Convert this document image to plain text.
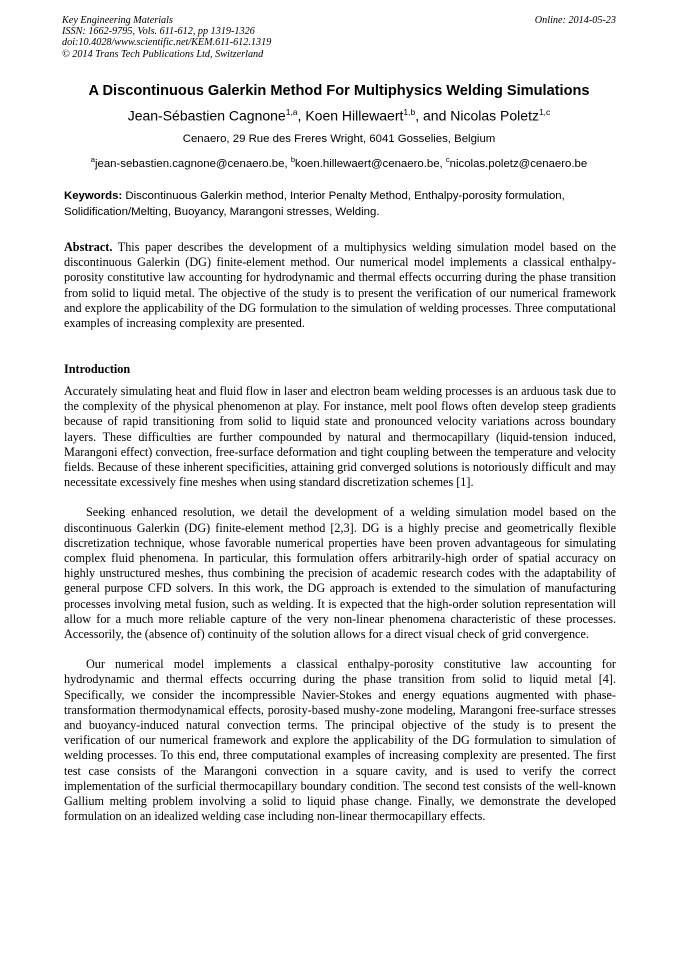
Key Engineering Materials
ISSN: 1662-9795, Vols. 611-612, pp 1319-1326
doi:10.4028/www.scientific.net/KEM.611-612.1319
© 2014 Trans Tech Publications Ltd, Switzerland
Online: 2014-05-23
A Discontinuous Galerkin Method For Multiphysics Welding Simulations
Jean-Sébastien Cagnone$^{1,a}$, Koen Hillewaert$^{1,b}$, and Nicolas Poletz$^{1,c}$
Cenaero, 29 Rue des Freres Wright, 6041 Gosselies, Belgium
$^a$jean-sebastien.cagnone@cenaero.be, $^b$koen.hillewaert@cenaero.be, $^c$nicolas.poletz@cenaero.be
Keywords: Discontinuous Galerkin method, Interior Penalty Method, Enthalpy-porosity formulation, Solidification/Melting, Buoyancy, Marangoni stresses, Welding.
Abstract. This paper describes the development of a multiphysics welding simulation model based on the discontinuous Galerkin (DG) finite-element method. Our numerical model implements a classical enthalpy-porosity constitutive law accounting for hydrodynamic and thermal effects occurring during the phase transition from solid to liquid metal. The objective of the study is to present the verification of our numerical framework and explore the applicability of the DG formulation to the simulation of welding processes. Three computational examples of increasing complexity are presented.
Introduction

Accurately simulating heat and fluid flow in laser and electron beam welding processes is an arduous task due to the complexity of the physical phenomenon at play. For instance, melt pool flows often develop steep gradients because of rapid transitioning from solid to liquid state and pronounced velocity variations across boundary layers. These difficulties are further compounded by natural and thermocapillary (liquid-tension induced, Marangoni effect) convection, free-surface deformation and tight coupling between the temperature and velocity fields. Because of these inherent specificities, attaining grid converged solutions is notoriously difficult and may necessitate excessively fine meshes when using standard discretization schemes [1].

Seeking enhanced resolution, we detail the development of a welding simulation model based on the discontinuous Galerkin (DG) finite-element method [2,3]. DG is a highly precise and geometrically flexible discretization technique, whose favorable numerical properties have been proven advantageous for simulating complex fluid phenomena. In particular, this formulation offers arbitrarily-high order of spatial accuracy on highly unstructured meshes, thus combining the precision of academic research codes with the adaptability of general purpose CFD solvers. In this work, the DG approach is extended to the simulation of manufacturing processes involving metal fusion, such as welding. It is expected that the high-order solution representation will allow for a much more reliable capture of the very non-linear phenomena characteristic of these processes. Accessorily, the (absence of) continuity of the solution allows for a direct visual check of grid convergence.

Our numerical model implements a classical enthalpy-porosity constitutive law accounting for hydrodynamic and thermal effects occurring during the phase transition from solid to liquid metal [4]. Specifically, we consider the incompressible Navier-Stokes and energy equations augmented with phase-transformation thermodynamical effects, porosity-based mushy-zone modeling, Marangoni free-surface stresses and buoyancy-induced natural convection terms. The principal objective of the study is to present the verification of our numerical framework and explore the applicability of the DG formulation to simulation of welding processes. To this end, three computational examples of increasing complexity are presented. The first test case consists of the Marangoni convection in a square cavity, and is used to verify the correct implementation of the surficial thermocapillary boundary condition. The second test consists of the well-known Gallium melting problem involving a solid to liquid phase change. Finally, we demonstrate the developed formulation on an idealized welding case including non-linear thermocapillary effects.
